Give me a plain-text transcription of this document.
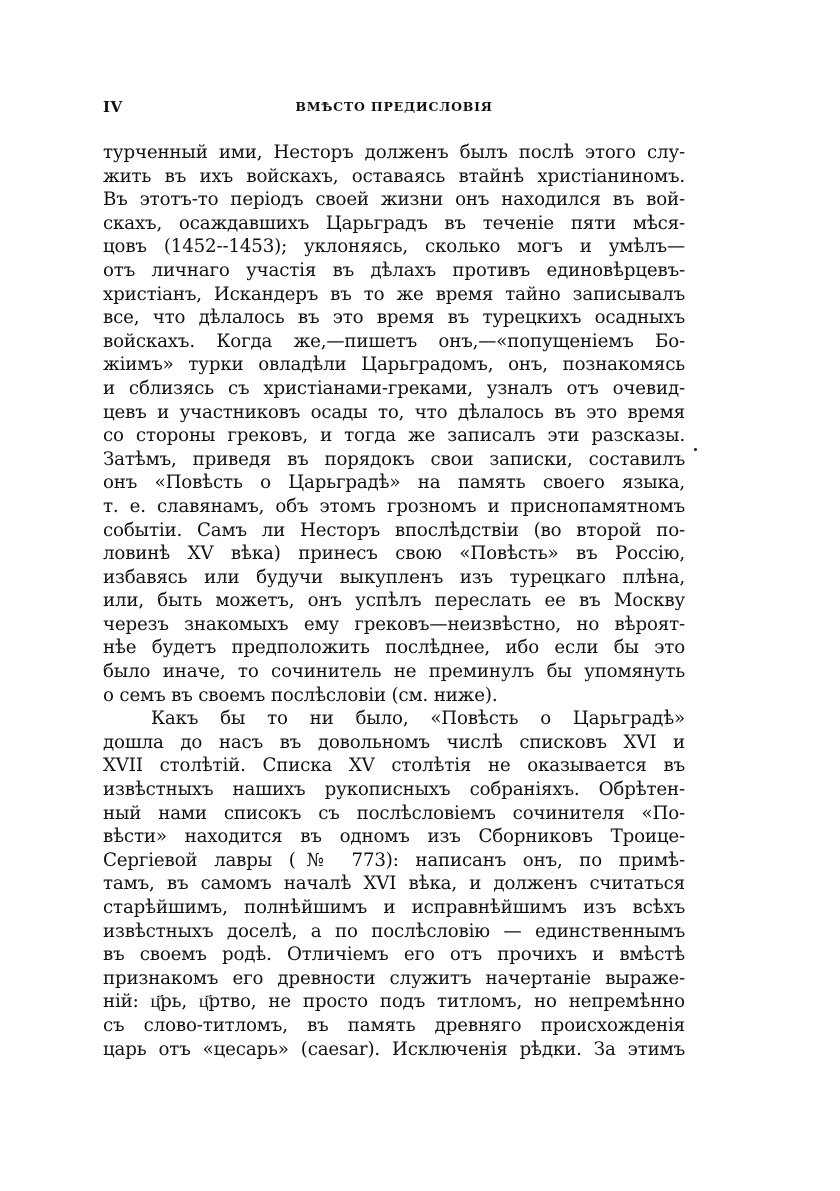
IV	ВМѢСТО ПРЕДИСЛОВІЯ
турченный ими, Несторъ долженъ былъ послѣ этого слу-
жить въ ихъ войскахъ, оставаясь втайнѣ христіаниномъ.
Въ этотъ-то періодъ своей жизни онъ находился въ вой-
скахъ, осаждавшихъ Царьградъ въ теченіе пяти мѣся-
цовъ (1452--1453); уклоняясь, сколько могъ и умѣлъ—
отъ личнаго участія въ дѣлахъ противъ единовѣрцевъ-
христіанъ, Искандеръ въ то же время тайно записывалъ
все, что дѣлалось въ это время въ турецкихъ осадныхъ
войскахъ. Когда же,—пишетъ онъ,—«попущеніемъ Бо-
жіимъ» турки овладѣли Царьградомъ, онъ, познакомясь
и сблизясь съ христіанами-греками, узналъ отъ очевид-
цевъ и участниковъ осады то, что дѣлалось въ это время
со стороны грековъ, и тогда же записалъ эти разсказы.
Затѣмъ, приведя въ порядокъ свои записки, составилъ
онъ «Повѣсть о Царьградѣ» на память своего языка,
т. е. славянамъ, объ этомъ грозномъ и приснопамятномъ
событіи. Самъ ли Несторъ впослѣдствіи (во второй по-
ловинѣ XV вѣка) принесъ свою «Повѣсть» въ Россію,
избавясь или будучи выкупленъ изъ турецкаго плѣна,
или, быть можетъ, онъ успѣлъ переслать ее въ Москву
черезъ знакомыхъ ему грековъ—неизвѣстно, но вѣроят-
нѣе будетъ предположить послѣднее, ибо если бы это
было иначе, то сочинитель не преминулъ бы упомянуть
о семъ въ своемъ послѣсловіи (см. ниже).
Какъ бы то ни было, «Повѣсть о Царьградѣ»
дошла до насъ въ довольномъ числѣ списковъ XVI и
XVII столѣтій. Списка XV столѣтія не оказывается въ
извѣстныхъ нашихъ рукописныхъ собраніяхъ. Обрѣтен-
ный нами списокъ съ послѣсловіемъ сочинителя «По-
вѣсти» находится въ одномъ изъ Сборниковъ Троице-
Сергіевой лавры (№ 773): написанъ онъ, по примѣ-
тамъ, въ самомъ началѣ XVI вѣка, и долженъ считаться
старѣйшимъ, полнѣйшимъ и исправнѣйшимъ изъ всѣхъ
извѣстныхъ доселѣ, а по послѣсловію — единственнымъ
въ своемъ родѣ. Отличіемъ его отъ прочихъ и вмѣстѣ
признакомъ его древности служитъ начертаніе выраже-
ній: ц҃рь, ц҃ртво, не просто подъ титломъ, но непремѣнно
съ слово-титломъ, въ память древняго происхожденія
царь отъ «цесарь» (caesar). Исключенія рѣдки. За этимъ
